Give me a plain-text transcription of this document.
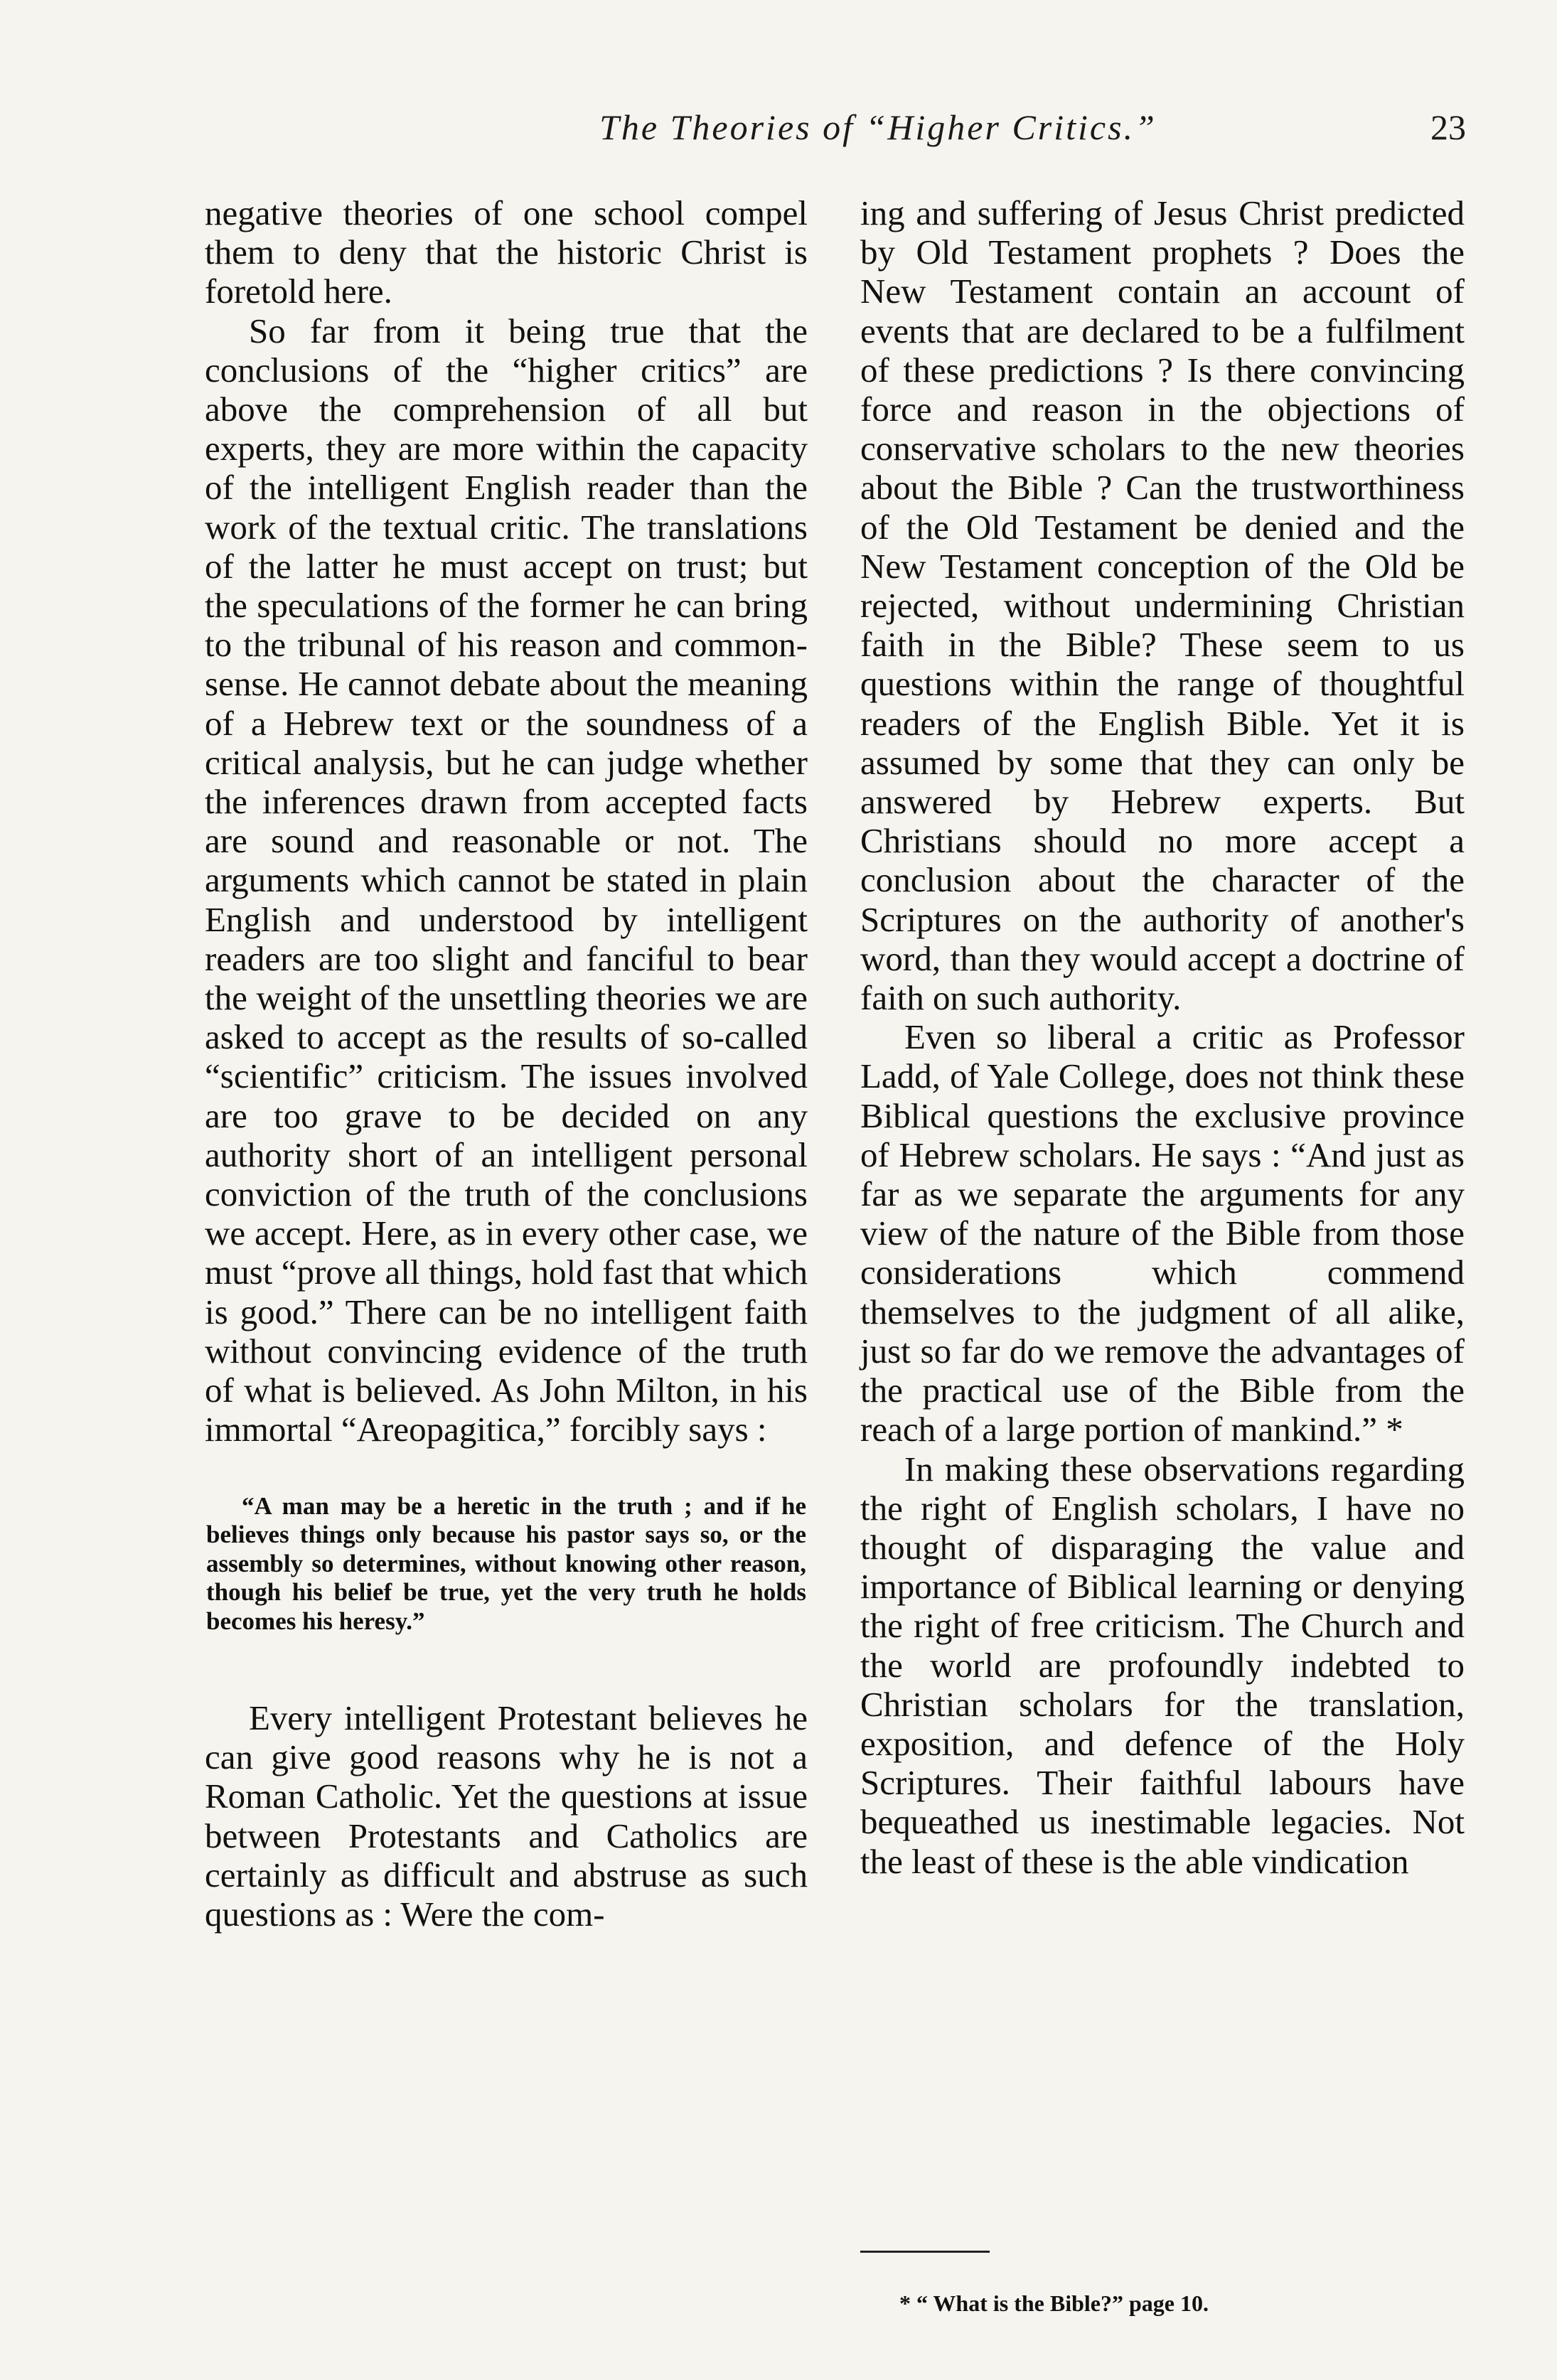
The Theories of “Higher Critics.”	23

negative theories of one school compel them to deny that the historic Christ is foretold here.

So far from it being true that the conclusions of the “higher critics” are above the comprehension of all but experts, they are more within the capacity of the intelligent English reader than the work of the textual critic. The translations of the latter he must accept on trust; but the speculations of the former he can bring to the tribunal of his reason and common-sense. He cannot debate about the meaning of a Hebrew text or the soundness of a critical analysis, but he can judge whether the inferences drawn from accepted facts are sound and reasonable or not. The arguments which cannot be stated in plain English and understood by intelligent readers are too slight and fanciful to bear the weight of the unsettling theories we are asked to accept as the results of so-called “scientific” criticism. The issues involved are too grave to be decided on any authority short of an intelligent personal conviction of the truth of the conclusions we accept. Here, as in every other case, we must “prove all things, hold fast that which is good.” There can be no intelligent faith without convincing evidence of the truth of what is believed. As John Milton, in his immortal “Areopagitica,” forcibly says :

“A man may be a heretic in the truth ; and if he believes things only because his pastor says so, or the assembly so determines, without knowing other reason, though his belief be true, yet the very truth he holds becomes his heresy.”

Every intelligent Protestant believes he can give good reasons why he is not a Roman Catholic. Yet the questions at issue between Protestants and Catholics are certainly as difficult and abstruse as such questions as : Were the com-

ing and suffering of Jesus Christ predicted by Old Testament prophets ? Does the New Testament contain an account of events that are declared to be a fulfilment of these predictions ? Is there convincing force and reason in the objections of conservative scholars to the new theories about the Bible ? Can the trustworthiness of the Old Testament be denied and the New Testament conception of the Old be rejected, without undermining Christian faith in the Bible? These seem to us questions within the range of thoughtful readers of the English Bible. Yet it is assumed by some that they can only be answered by Hebrew experts. But Christians should no more accept a conclusion about the character of the Scriptures on the authority of another's word, than they would accept a doctrine of faith on such authority.

Even so liberal a critic as Professor Ladd, of Yale College, does not think these Biblical questions the exclusive province of Hebrew scholars. He says : “And just as far as we separate the arguments for any view of the nature of the Bible from those considerations which commend themselves to the judgment of all alike, just so far do we remove the advantages of the practical use of the Bible from the reach of a large portion of mankind.” *

In making these observations regarding the right of English scholars, I have no thought of disparaging the value and importance of Biblical learning or denying the right of free criticism. The Church and the world are profoundly indebted to Christian scholars for the translation, exposition, and defence of the Holy Scriptures. Their faithful labours have bequeathed us inestimable legacies. Not the least of these is the able vindication

* “ What is the Bible?” page 10.
